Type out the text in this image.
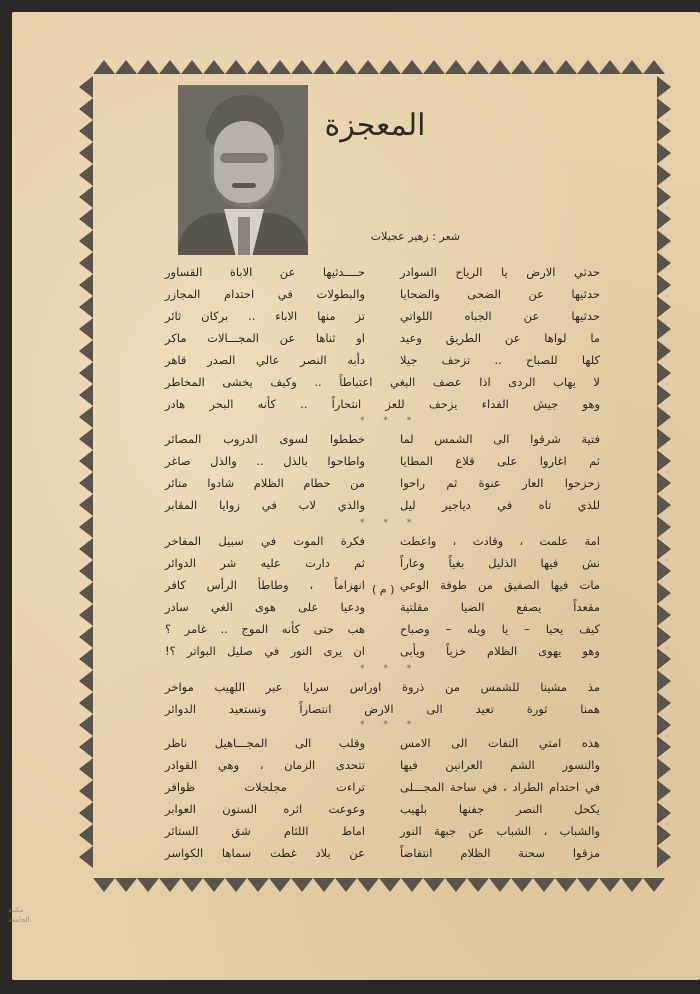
المعجزة
شعر : زهير عجيلات
حدثي الارض يا الرياح السوادر
حــــدثيها عن الاباة القساور
حدثيها عن الضحى والضحايا
والبطولات في احتدام المجازر
حدثيها عن الجباه اللواتي
تز منها الاباء .. بركان ثائر
ما لواها عن الطريق وعيد
او ثناها عن المجـــالات ماكر
كلها للصباح .. تزحف جيلا
دأبه النصر عالي الصدر قاهر
لا يهاب الردى اذا عصف البغي اعتباطاً .. وكيف يخشى المخاطر
وهو جيش الفداء يزحف للعز انتحاراً .. كأنه البحر هادر
* * *
فتية شرقوا الى الشمس لما
خططوا لسوى الدروب المصائر
ثم اغاروا على قلاع المطايا
واطاحوا بالذل .. والذل صاغر
زحزحوا العار عنوة ثم راحوا
من حطام الظلام شادوا منائر
للذي تاه في دياجير ليل
والذي لاب في زوايا المقابر
* * *
امة علمت ، وقادت ، واعطت
فكرة الموت في سبيل المفاخر
نش فيها الذليل بغياً وعاراً
ثم دارت عليه شر الدوائر
مات فيها الصفيق من طوفة الوعي
( م )
انهزاماً ، وطاطأ الرأس كافر
مقعداً يصفع الضيا مقلتية
ودعيا على هوى الغي سادر
كيف يحيا – يا ويله – وصباح
هب حتى كأنه الموج .. غامر ؟
وهو يهوى الظلام خزياً ويأبى
ان يرى النور في صليل البواتر ؟!
* * *
مذ مشينا للشمس من ذروة اوراس سرايا عبر اللهيب مواخر
همنا ثورة تعيد الى الارض انتصاراً وتستعيد الدوائر
* * *
هذه امتي التفات الى الامس
وقلب الى المجـــاهيل ناظر
والنسور الشم العرانين فيها
تتحدى الزمان ، وهي القوادر
في احتدام الطراد ، في ساحة المجـــلى
تراءت مجلجلات ظوافر
يكحل النصر جفنها بلهيب
وعوعت اثره السنون العوابر
والشباب ، الشباب عن جبهة النور
اماط اللثام شق الستائر
مزقوا سحنة الظلام انتفاضاً
عن بلاد غطت سماها الكواسر
مكتبة
الجامعة
